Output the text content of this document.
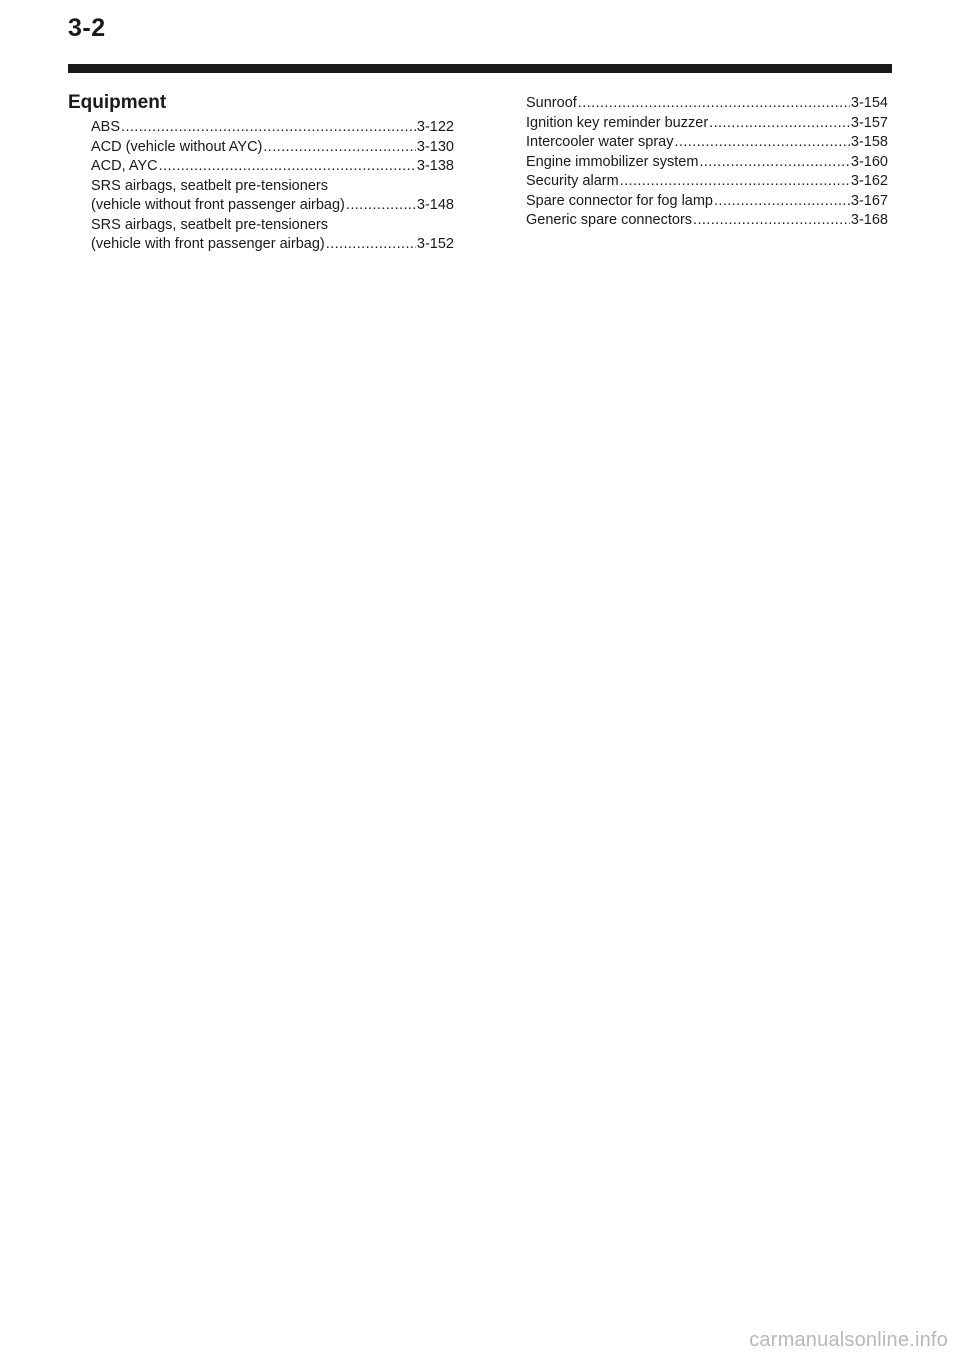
3-2
Equipment
ABS .....	3-122
ACD (vehicle without AYC) .....	3-130
ACD, AYC .....	3-138
SRS airbags, seatbelt pre-tensioners
(vehicle without front passenger airbag) .....	3-148
SRS airbags, seatbelt pre-tensioners
(vehicle with front passenger airbag) .....	3-152
Sunroof .....	3-154
Ignition key reminder buzzer .....	3-157
Intercooler water spray .....	3-158
Engine immobilizer system .....	3-160
Security alarm .....	3-162
Spare connector for fog lamp .....	3-167
Generic spare connectors .....	3-168
carmanualsonline.info
